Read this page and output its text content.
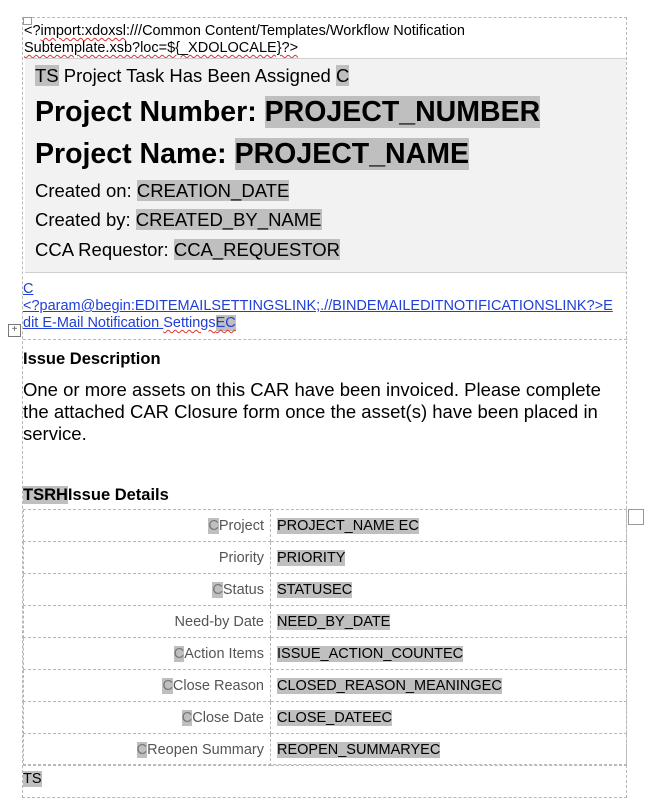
<?import:xdoxsl:///Common Content/Templates/Workflow Notification
Subtemplate.xsb?loc=${_XDOLOCALE}?>
TS Project Task Has Been Assigned C
Project Number: PROJECT_NUMBER
Project Name: PROJECT_NAME
Created on: CREATION_DATE
Created by: CREATED_BY_NAME
CCA Requestor: CCA_REQUESTOR
C
<?param@begin:EDITEMAILSETTINGSLINK;.//BINDEMAILEDITNOTIFICATIONSLINK?>E
dit E-Mail Notification SettingsEC
+
Issue Description
One or more assets on this CAR have been invoiced. Please complete the attached CAR Closure form once the asset(s) have been placed in service.
TSRHIssue Details
CProject	PROJECT_NAME EC
Priority	PRIORITY
CStatus	STATUSEC
Need-by Date	NEED_BY_DATE
CAction Items	ISSUE_ACTION_COUNTEC
CClose Reason	CLOSED_REASON_MEANINGEC
CClose Date	CLOSE_DATEEC
CReopen Summary	REOPEN_SUMMARYEC
TS
